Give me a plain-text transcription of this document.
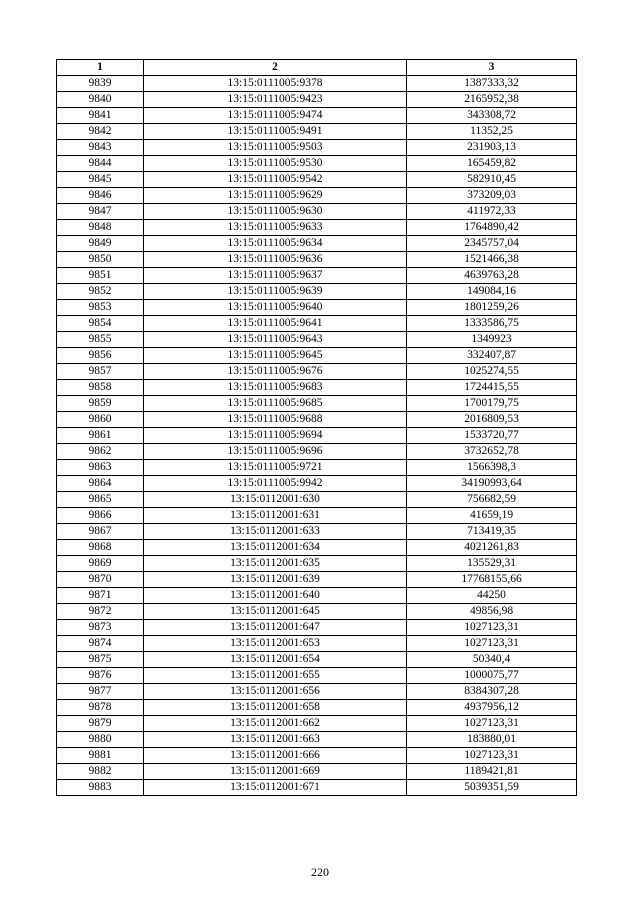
1	2	3
9839	13:15:0111005:9378	1387333,32
9840	13:15:0111005:9423	2165952,38
9841	13:15:0111005:9474	343308,72
9842	13:15:0111005:9491	11352,25
9843	13:15:0111005:9503	231903,13
9844	13:15:0111005:9530	165459,82
9845	13:15:0111005:9542	582910,45
9846	13:15:0111005:9629	373209,03
9847	13:15:0111005:9630	411972,33
9848	13:15:0111005:9633	1764890,42
9849	13:15:0111005:9634	2345757,04
9850	13:15:0111005:9636	1521466,38
9851	13:15:0111005:9637	4639763,28
9852	13:15:0111005:9639	149084,16
9853	13:15:0111005:9640	1801259,26
9854	13:15:0111005:9641	1333586,75
9855	13:15:0111005:9643	1349923
9856	13:15:0111005:9645	332407,87
9857	13:15:0111005:9676	1025274,55
9858	13:15:0111005:9683	1724415,55
9859	13:15:0111005:9685	1700179,75
9860	13:15:0111005:9688	2016809,53
9861	13:15:0111005:9694	1533720,77
9862	13:15:0111005:9696	3732652,78
9863	13:15:0111005:9721	1566398,3
9864	13:15:0111005:9942	34190993,64
9865	13:15:0112001:630	756682,59
9866	13:15:0112001:631	41659,19
9867	13:15:0112001:633	713419,35
9868	13:15:0112001:634	4021261,83
9869	13:15:0112001:635	135529,31
9870	13:15:0112001:639	17768155,66
9871	13:15:0112001:640	44250
9872	13:15:0112001:645	49856,98
9873	13:15:0112001:647	1027123,31
9874	13:15:0112001:653	1027123,31
9875	13:15:0112001:654	50340,4
9876	13:15:0112001:655	1000075,77
9877	13:15:0112001:656	8384307,28
9878	13:15:0112001:658	4937956,12
9879	13:15:0112001:662	1027123,31
9880	13:15:0112001:663	183880,01
9881	13:15:0112001:666	1027123,31
9882	13:15:0112001:669	1189421,81
9883	13:15:0112001:671	5039351,59
220
